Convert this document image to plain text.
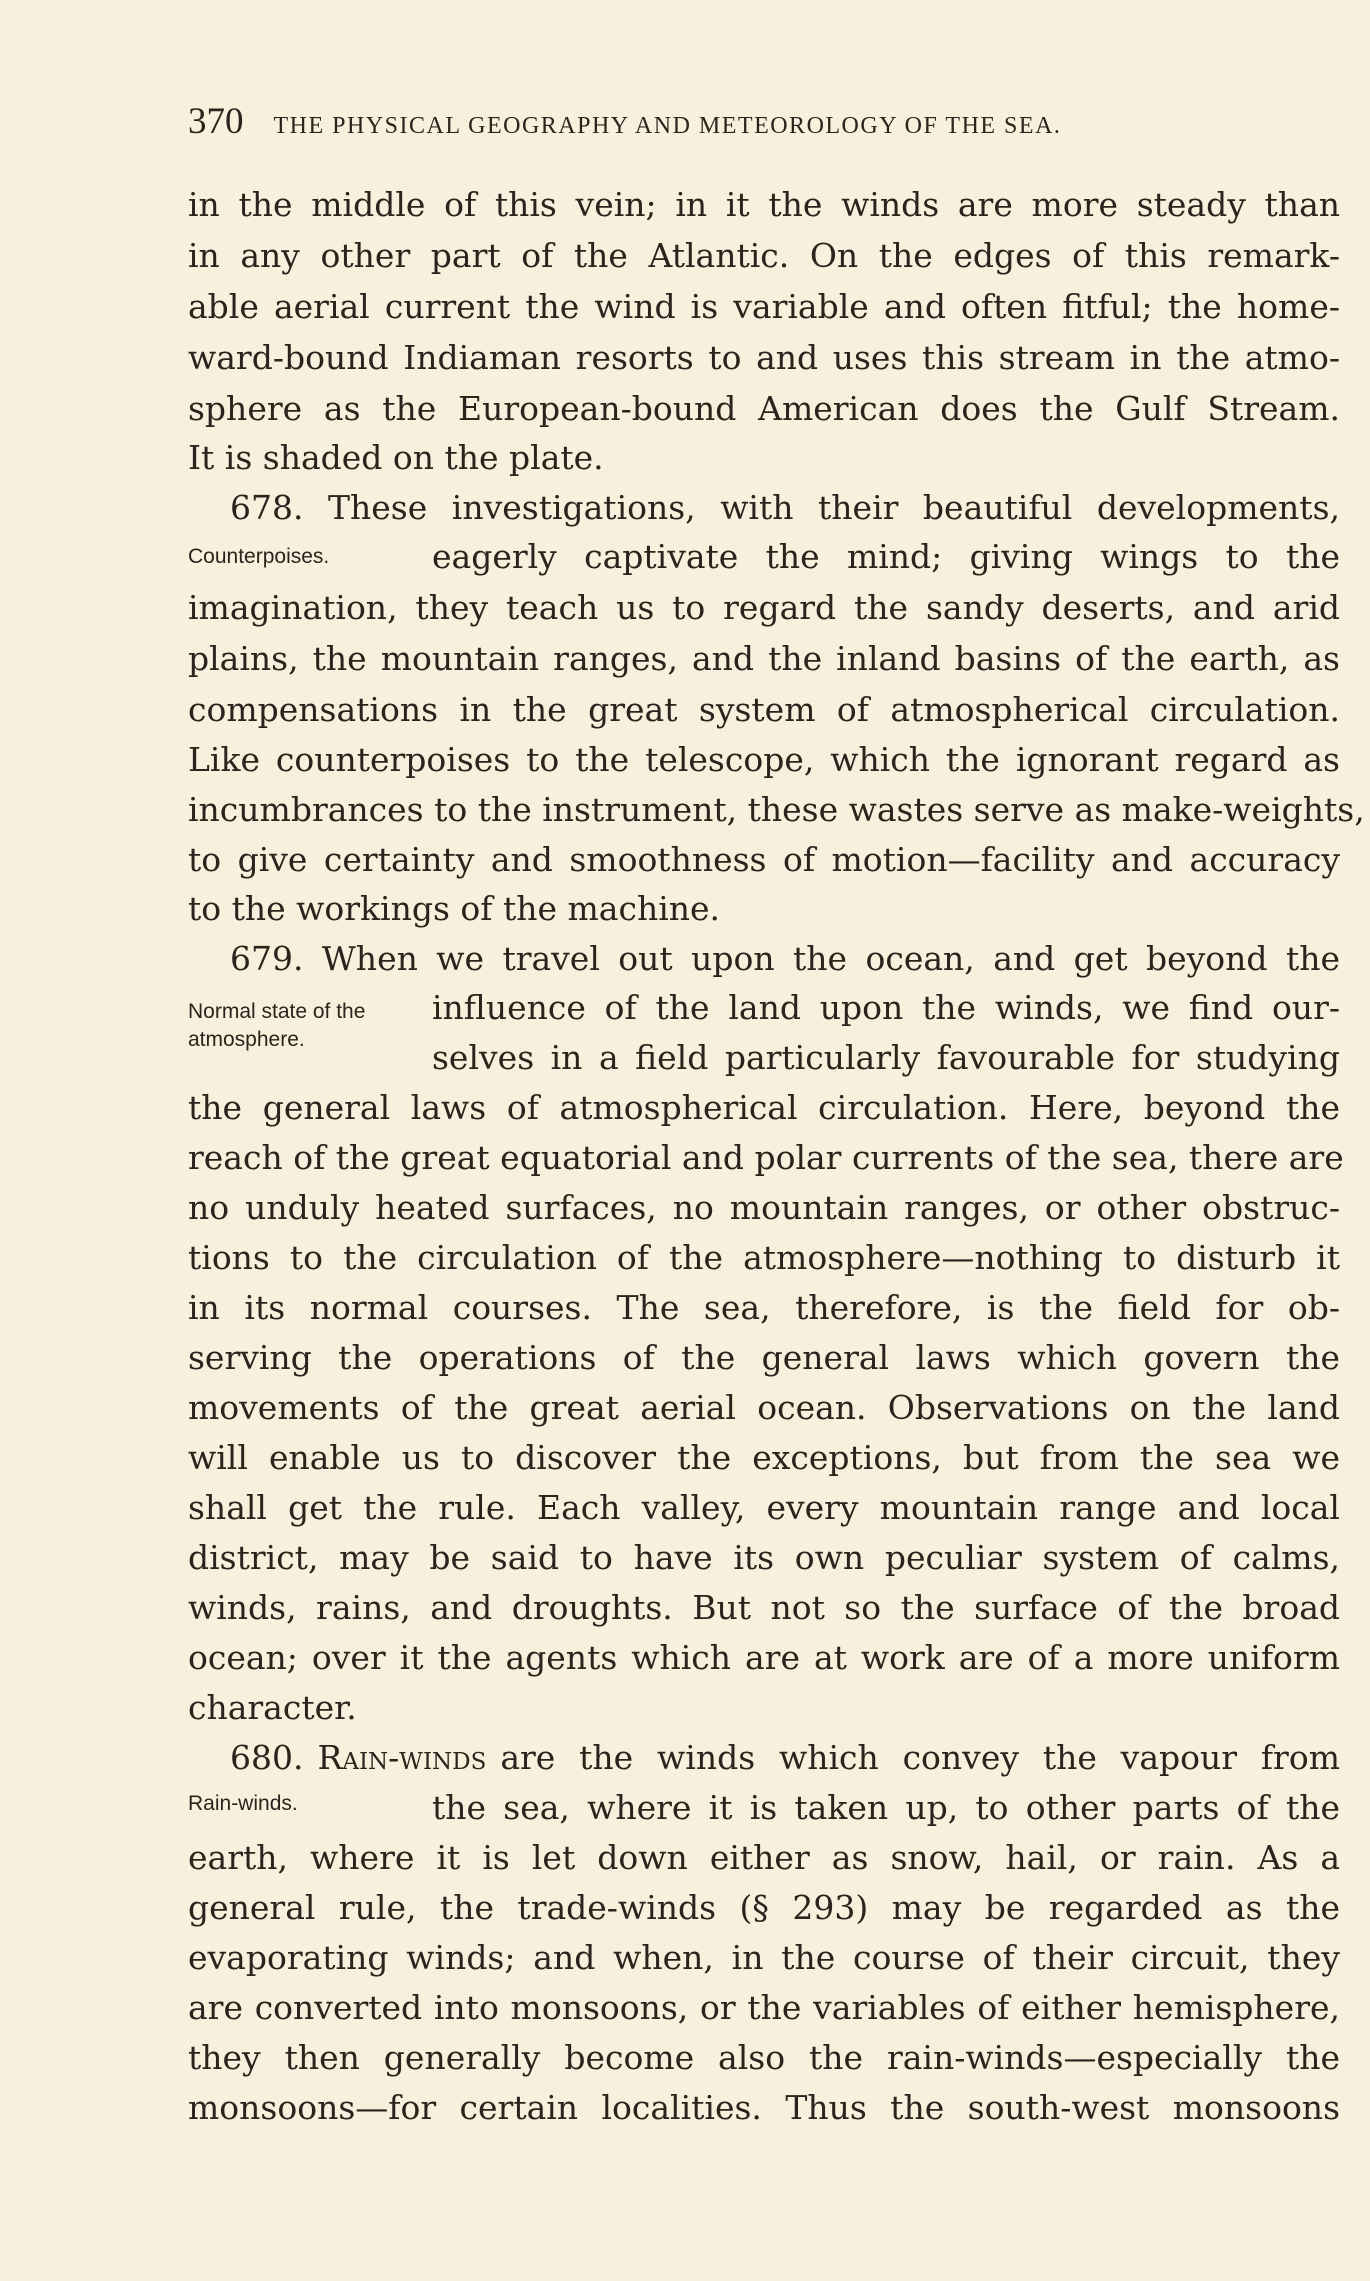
370 THE PHYSICAL GEOGRAPHY AND METEOROLOGY OF THE SEA.

in the middle of this vein; in it the winds are more steady than

in any other part of the Atlantic. On the edges of this remark-

able aerial current the wind is variable and often fitful; the home-

ward-bound Indiaman resorts to and uses this stream in the atmo-

sphere as the European-bound American does the Gulf Stream.

It is shaded on the plate.

678. These investigations, with their beautiful developments,

Counterpoises.	eagerly captivate the mind; giving wings to the

imagination, they teach us to regard the sandy deserts, and arid

plains, the mountain ranges, and the inland basins of the earth, as

compensations in the great system of atmospherical circulation.

Like counterpoises to the telescope, which the ignorant regard as

incumbrances to the instrument, these wastes serve as make-weights,

to give certainty and smoothness of motion—facility and accuracy

to the workings of the machine.

679. When we travel out upon the ocean, and get beyond the

Normal state of the
atmosphere.

influence of the land upon the winds, we find our-

selves in a field particularly favourable for studying

the general laws of atmospherical circulation. Here, beyond the

reach of the great equatorial and polar currents of the sea, there are

no unduly heated surfaces, no mountain ranges, or other obstruc-

tions to the circulation of the atmosphere—nothing to disturb it

in its normal courses. The sea, therefore, is the field for ob-

serving the operations of the general laws which govern the

movements of the great aerial ocean. Observations on the land

will enable us to discover the exceptions, but from the sea we

shall get the rule. Each valley, every mountain range and local

district, may be said to have its own peculiar system of calms,

winds, rains, and droughts. But not so the surface of the broad

ocean; over it the agents which are at work are of a more uniform

character.

680. Rain-winds are the winds which convey the vapour from

Rain-winds.	the sea, where it is taken up, to other parts of the

earth, where it is let down either as snow, hail, or rain. As a

general rule, the trade-winds (§ 293) may be regarded as the

evaporating winds; and when, in the course of their circuit, they

are converted into monsoons, or the variables of either hemisphere,

they then generally become also the rain-winds—especially the

monsoons—for certain localities. Thus the south-west monsoons
